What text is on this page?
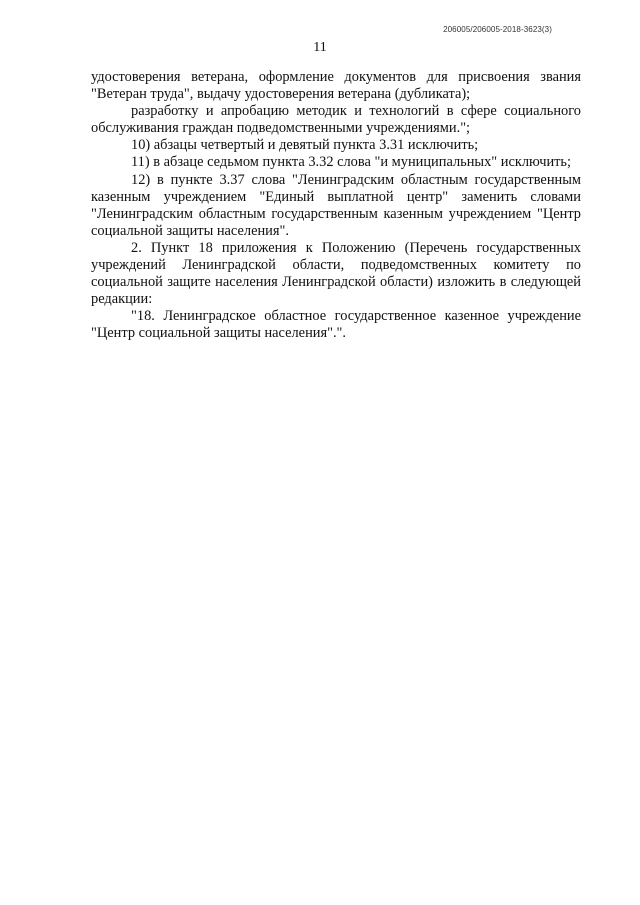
206005/206005-2018-3623(3)
11

удостоверения ветерана, оформление документов для присвоения звания "Ветеран труда", выдачу удостоверения ветерана (дубликата);

разработку и апробацию методик и технологий в сфере социального обслуживания граждан подведомственными учреждениями.";

10) абзацы четвертый и девятый пункта 3.31 исключить;

11) в абзаце седьмом пункта 3.32 слова "и муниципальных" исключить;

12) в пункте 3.37 слова "Ленинградским областным государственным казенным учреждением "Единый выплатной центр" заменить словами "Ленинградским областным государственным казенным учреждением "Центр социальной защиты населения".

2. Пункт 18 приложения к Положению (Перечень государственных учреждений Ленинградской области, подведомственных комитету по социальной защите населения Ленинградской области) изложить в следующей редакции:

"18. Ленинградское областное государственное казенное учреждение "Центр социальной защиты населения".".
